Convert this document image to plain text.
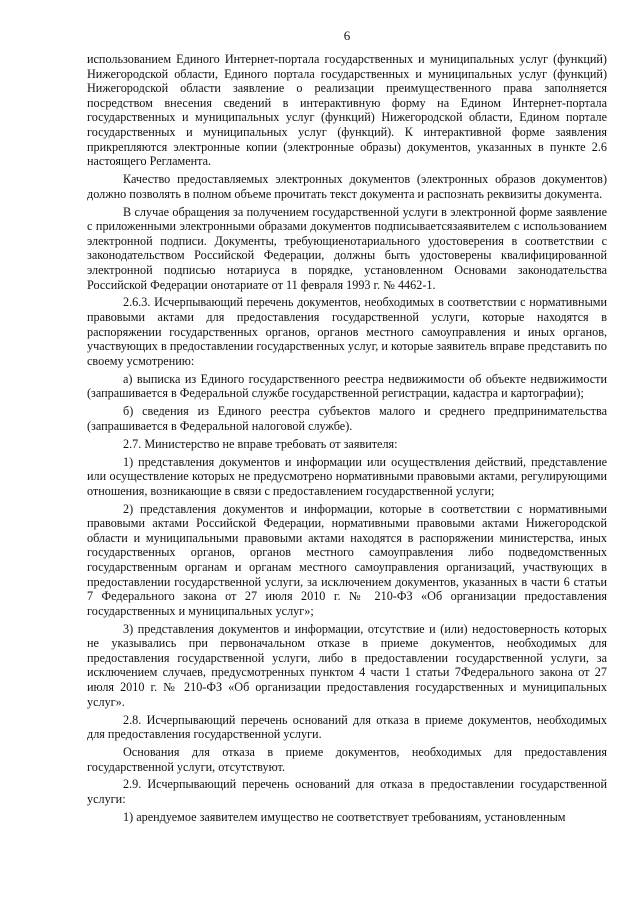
6

использованием Единого Интернет-портала государственных и муниципальных услуг (функций) Нижегородской области, Единого портала государственных и муниципальных услуг (функций) Нижегородской области заявление о реализации преимущественного права заполняется посредством внесения сведений в интерактивную форму на Едином Интернет-портала государственных и муниципальных услуг (функций) Нижегородской области, Едином портале государственных и муниципальных услуг (функций). К интерактивной форме заявления прикрепляются электронные копии (электронные образы) документов, указанных в пункте 2.6 настоящего Регламента.

Качество предоставляемых электронных документов (электронных образов документов) должно позволять в полном объеме прочитать текст документа и распознать реквизиты документа.

В случае обращения за получением государственной услуги в электронной форме заявление с приложенными электронными образами документов подписываетсязаявителем с использованием электронной подписи. Документы, требующиенотариального удостоверения в соответствии с законодательством Российской Федерации, должны быть удостоверены квалифицированной электронной подписью нотариуса в порядке, установленном Основами законодательства Российской Федерации онотариате от 11 февраля 1993 г. № 4462-1.

2.6.3. Исчерпывающий перечень документов, необходимых в соответствии с нормативными правовыми актами для предоставления государственной услуги, которые находятся в распоряжении государственных органов, органов местного самоуправления и иных органов, участвующих в предоставлении государственных услуг, и которые заявитель вправе представить по своему усмотрению:

а) выписка из Единого государственного реестра недвижимости об объекте недвижимости (запрашивается в Федеральной службе государственной регистрации, кадастра и картографии);

б) сведения из Единого реестра субъектов малого и среднего предпринимательства (запрашивается в Федеральной налоговой службе).

2.7. Министерство не вправе требовать от заявителя:

1) представления документов и информации или осуществления действий, представление или осуществление которых не предусмотрено нормативными правовыми актами, регулирующими отношения, возникающие в связи с предоставлением государственной услуги;

2) представления документов и информации, которые в соответствии с нормативными правовыми актами Российской Федерации, нормативными правовыми актами Нижегородской области и муниципальными правовыми актами находятся в распоряжении министерства, иных государственных органов, органов местного самоуправления либо подведомственных государственным органам и органам местного самоуправления организаций, участвующих в предоставлении государственной услуги, за исключением документов, указанных в части 6 статьи 7 Федерального закона от 27 июля 2010 г. № 210-ФЗ «Об организации предоставления государственных и муниципальных услуг»;

3) представления документов и информации, отсутствие и (или) недостоверность которых не указывались при первоначальном отказе в приеме документов, необходимых для предоставления государственной услуги, либо в предоставлении государственной услуги, за исключением случаев, предусмотренных пунктом 4 части 1 статьи 7Федерального закона от 27 июля 2010 г. № 210-ФЗ «Об организации предоставления государственных и муниципальных услуг».

2.8. Исчерпывающий перечень оснований для отказа в приеме документов, необходимых для предоставления государственной услуги.

Основания для отказа в приеме документов, необходимых для предоставления государственной услуги, отсутствуют.

2.9. Исчерпывающий перечень оснований для отказа в предоставлении государственной услуги:

1) арендуемое заявителем имущество не соответствует требованиям, установленным
